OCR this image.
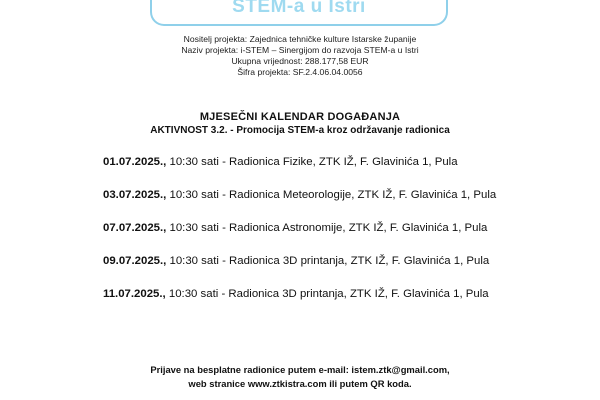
STEM-a u Istri
Nositelj projekta: Zajednica tehničke kulture Istarske županije
Naziv projekta: i-STEM – Sinergijom do razvoja STEM-a u Istri
Ukupna vrijednost: 288.177,58 EUR
Šifra projekta: SF.2.4.06.04.0056
MJESEČNI KALENDAR DOGAĐANJA
AKTIVNOST 3.2. - Promocija STEM-a kroz održavanje radionica
01.07.2025., 10:30 sati - Radionica Fizike, ZTK IŽ, F. Glavinića 1, Pula
03.07.2025., 10:30 sati - Radionica Meteorologije, ZTK IŽ, F. Glavinića 1, Pula
07.07.2025., 10:30 sati - Radionica Astronomije, ZTK IŽ, F. Glavinića 1, Pula
09.07.2025., 10:30 sati - Radionica 3D printanja, ZTK IŽ, F. Glavinića 1, Pula
11.07.2025., 10:30 sati - Radionica 3D printanja, ZTK IŽ, F. Glavinića 1, Pula
Prijave na besplatne radionice putem e-mail: istem.ztk@gmail.com,
web stranice www.ztkistra.com ili putem QR koda.
